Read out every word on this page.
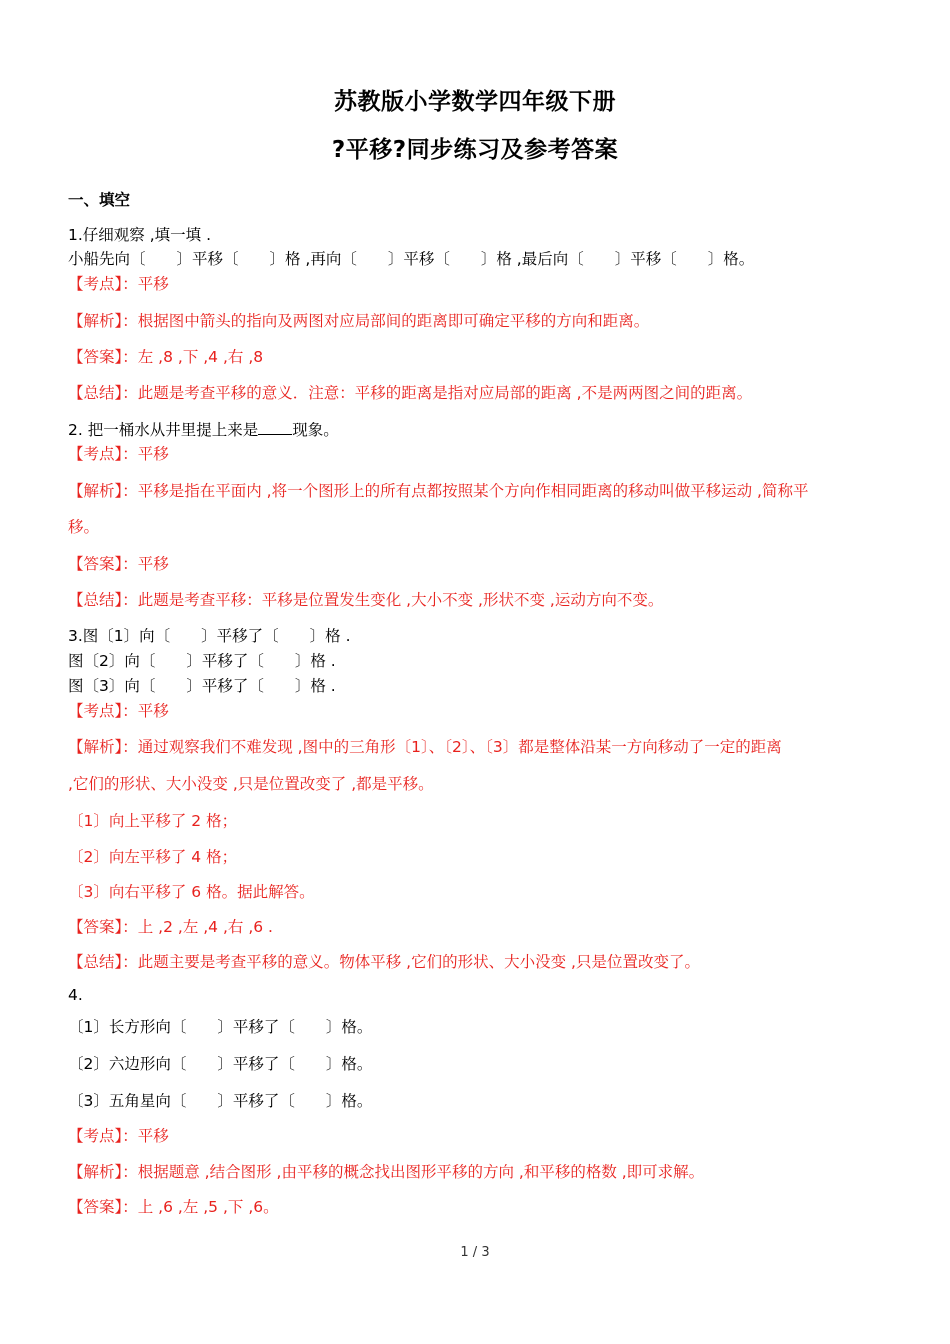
苏教版小学数学四年级下册
?平移?同步练习及参考答案
一、填空
1.仔细观察 ,填一填 .
小船先向〔　　〕平移〔　　〕格 ,再向〔　　〕平移〔　　〕格 ,最后向〔　　〕平移〔　　〕格。
【考点】：平移
【解析】：根据图中箭头的指向及两图对应局部间的距离即可确定平移的方向和距离。
【答案】：左 ,8 ,下 ,4 ,右 ,8
【总结】：此题是考查平移的意义．注意：平移的距离是指对应局部的距离 ,不是两两图之间的距离。
2. 把一桶水从井里提上来是 现象。
【考点】：平移
【解析】：平移是指在平面内 ,将一个图形上的所有点都按照某个方向作相同距离的移动叫做平移运动 ,简称平
移。
【答案】：平移
【总结】：此题是考查平移：平移是位置发生变化 ,大小不变 ,形状不变 ,运动方向不变。
3.图〔1〕向〔　　〕平移了〔　　〕格 .
图〔2〕向〔　　〕平移了〔　　〕格 .
图〔3〕向〔　　〕平移了〔　　〕格 .
【考点】：平移
【解析】：通过观察我们不难发现 ,图中的三角形〔1〕、〔2〕、〔3〕都是整体沿某一方向移动了一定的距离
,它们的形状、大小没变 ,只是位置改变了 ,都是平移。
〔1〕向上平移了 2 格；
〔2〕向左平移了 4 格；
〔3〕向右平移了 6 格。据此解答。
【答案】：上 ,2 ,左 ,4 ,右 ,6 .
【总结】：此题主要是考查平移的意义。物体平移 ,它们的形状、大小没变 ,只是位置改变了。
4.
〔1〕长方形向〔　　〕平移了〔　　〕格。
〔2〕六边形向〔　　〕平移了〔　　〕格。
〔3〕五角星向〔　　〕平移了〔　　〕格。
【考点】：平移
【解析】：根据题意 ,结合图形 ,由平移的概念找出图形平移的方向 ,和平移的格数 ,即可求解。
【答案】：上 ,6 ,左 ,5 ,下 ,6。
1 / 3
